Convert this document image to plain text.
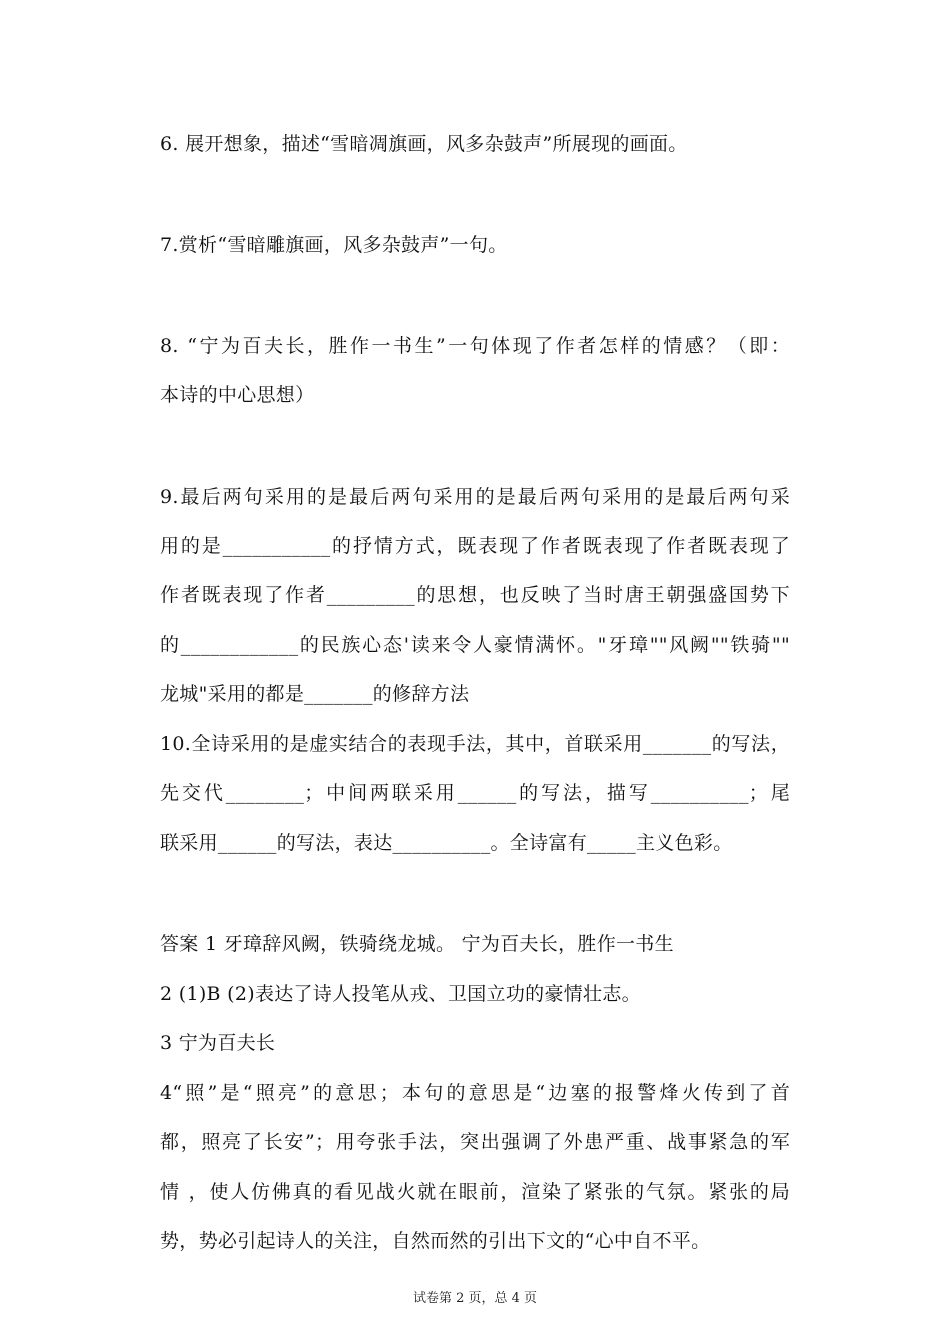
6. 展开想象，描述“雪暗凋旗画，风多杂鼓声”所展现的画面。
7.赏析“雪暗雕旗画，风多杂鼓声”一句。
8. “宁为百夫长，胜作一书生”一句体现了作者怎样的情感？（即：
本诗的中心思想）
9.最后两句采用的是最后两句采用的是最后两句采用的是最后两句采
用的是___________的抒情方式，既表现了作者既表现了作者既表现了
作者既表现了作者_________的思想，也反映了当时唐王朝强盛国势下
的____________的民族心态'读来令人豪情满怀。"牙璋""风阙""铁骑""
龙城"采用的都是_______的修辞方法
10.全诗采用的是虚实结合的表现手法，其中，首联采用_______的写法，
先交代________；中间两联采用______的写法，描写__________；尾
联采用______的写法，表达__________。全诗富有_____主义色彩。
答案 1 牙璋辞风阙，铁骑绕龙城。 宁为百夫长，胜作一书生
2 (1)B (2)表达了诗人投笔从戎、卫国立功的豪情壮志。
3 宁为百夫长
4“照”是“照亮”的意思；本句的意思是“边塞的报警烽火传到了首
都，照亮了长安”；用夸张手法，突出强调了外患严重、战事紧急的军
情 ，使人仿佛真的看见战火就在眼前，渲染了紧张的气氛。紧张的局
势，势必引起诗人的关注，自然而然的引出下文的“心中自不平。
试卷第 2 页，总 4 页
